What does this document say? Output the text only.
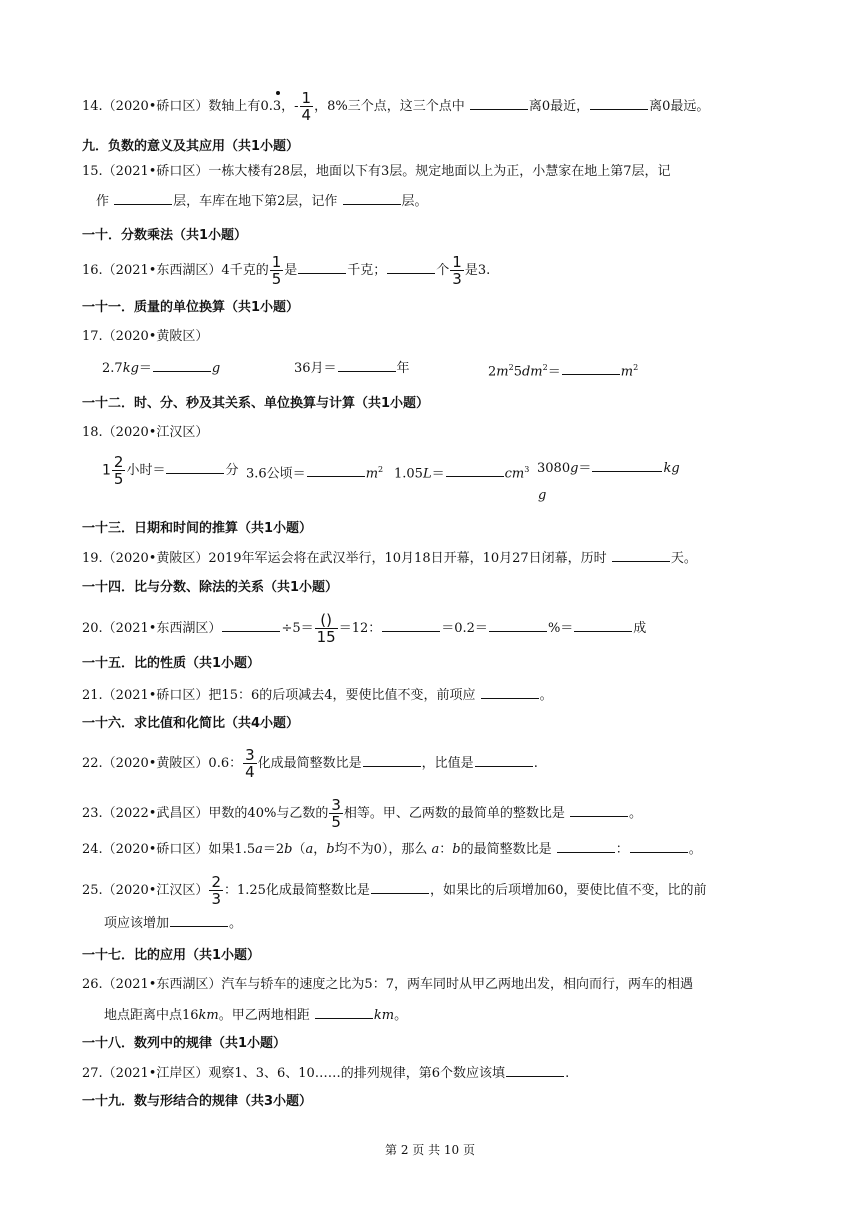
14.（2020•硚口区）数轴上有0.3，- $\frac{1}{4}$ ，8%三个点，这三个点中	离0最近，	离0最远。
九．负数的意义及其应用（共1小题）
15.（2021•硚口区）一栋大楼有28层，地面以下有3层。规定地面以上为正，小慧家在地上第7层，记
作	层，车库在地下第2层，记作	层。
一十．分数乘法（共1小题）
16.（2021•东西湖区）4千克的 $\frac{1}{5}$ 是	千克；	个 $\frac{1}{3}$ 是3.
一十一．质量的单位换算（共1小题）
17.（2020•黄陂区）
2.7kg＝	g	36月＝	年	$2m^25dm^2=$	$m^2$
一十二．时、分、秒及其关系、单位换算与计算（共1小题）
18.（2020•江汉区）
$1 \frac{2}{5}$ 小时＝	分 3.6公顷＝	$m^2$ 1.05L＝	$cm^3$ 3080g＝	kg
g
一十三．日期和时间的推算（共1小题）
19.（2020•黄陂区）2019年军运会将在武汉举行，10月18日开幕，10月27日闭幕，历时	天。
一十四．比与分数、除法的关系（共1小题）
20.（2021•东西湖区）	$\div 5= \frac{()}{15} =12$：	＝0.2＝	%＝	成
一十五．比的性质（共1小题）
21.（2021•硚口区）把15：6的后项减去4，要使比值不变，前项应	。
一十六．求比值和化简比（共4小题）
22.（2020•黄陂区）0.6： $\frac{3}{4}$ 化成最简整数比是	，比值是	.
23.（2022•武昌区）甲数的40%与乙数的 $\frac{3}{5}$ 相等。甲、乙两数的最简单的整数比是	。
24.（2020•硚口区）如果1.5a＝2b（a，b均不为0），那么 a：b的最简整数比是	：	。
25.（2020•江汉区） $\frac{2}{3}$ ：1.25化成最简整数比是	，如果比的后项增加60，要使比值不变，比的前
项应该增加	。
一十七．比的应用（共1小题）
26.（2021•东西湖区）汽车与轿车的速度之比为5：7，两车同时从甲乙两地出发，相向而行，两车的相遇
地点距离中点16km。甲乙两地相距	km。
一十八．数列中的规律（共1小题）
27.（2021•江岸区）观察1、3、6、10……的排列规律，第6个数应该填	.
一十九．数与形结合的规律（共3小题）
第 2 页 共 10 页
